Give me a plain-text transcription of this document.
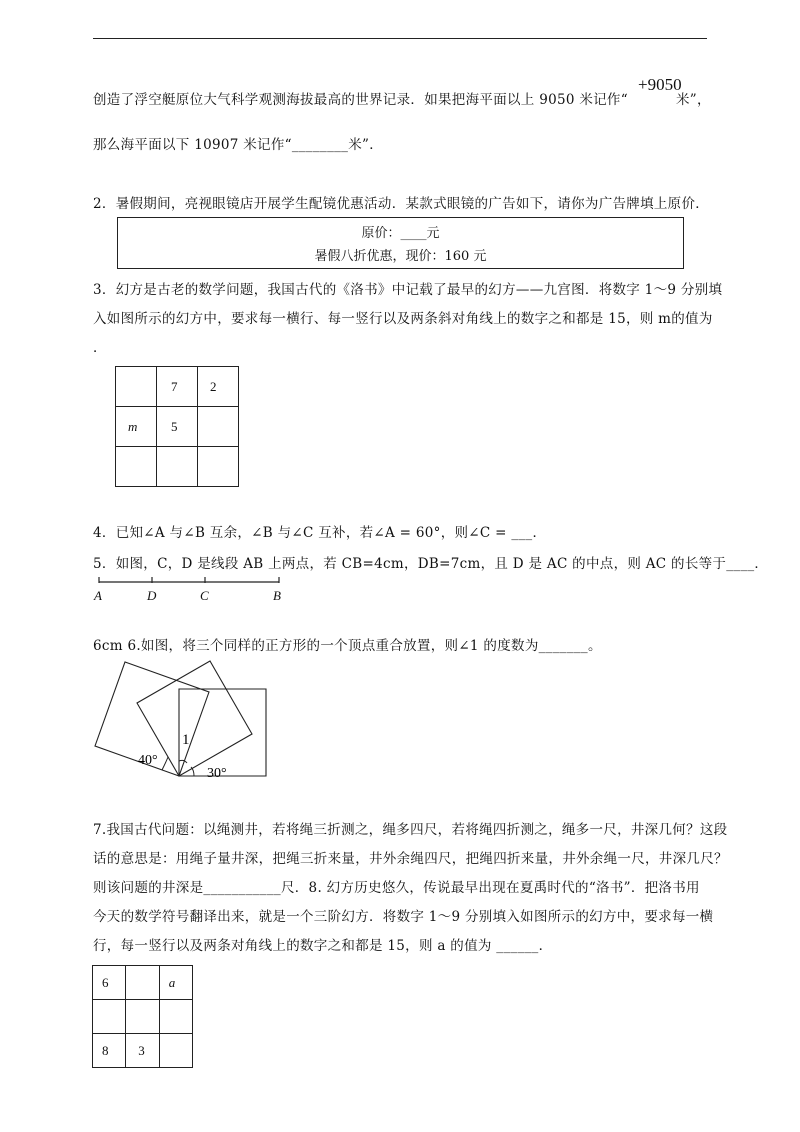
创造了浮空艇原位大气科学观测海拔最高的世界记录．如果把海平面以上 9050 米记作“
+9050
米”，
那么海平面以下 10907 米记作“________米”．
2．暑假期间，亮视眼镜店开展学生配镜优惠活动．某款式眼镜的广告如下，请你为广告牌填上原价．
原价：____元
暑假八折优惠，现价：160 元
3．幻方是古老的数学问题，我国古代的《洛书》中记载了最早的幻方——九宫图．将数字 1～9 分别填
入如图所示的幻方中，要求每一横行、每一竖行以及两条斜对角线上的数字之和都是 15，则 m的值为
．
	7	2
m	5	

4．已知∠A 与∠B 互余，∠B 与∠C 互补，若∠A = 60°，则∠C = ___．
5．如图，C，D 是线段 AB 上两点，若 CB=4cm，DB=7cm，且 D 是 AC 的中点，则 AC 的长等于____．
A	D	C	B
6cm 6.如图，将三个同样的正方形的一个顶点重合放置，则∠1 的度数为_______。
40°
1
30°
7.我国古代问题：以绳测井，若将绳三折测之，绳多四尺，若将绳四折测之，绳多一尺，井深几何？这段
话的意思是：用绳子量井深，把绳三折来量，井外余绳四尺，把绳四折来量，井外余绳一尺，井深几尺？
则该问题的井深是___________尺．8. 幻方历史悠久，传说最早出现在夏禹时代的“洛书”．把洛书用
今天的数学符号翻译出来，就是一个三阶幻方．将数字 1～9 分别填入如图所示的幻方中，要求每一横
行，每一竖行以及两条对角线上的数字之和都是 15，则 a 的值为 ______．
6		a

8	3	
